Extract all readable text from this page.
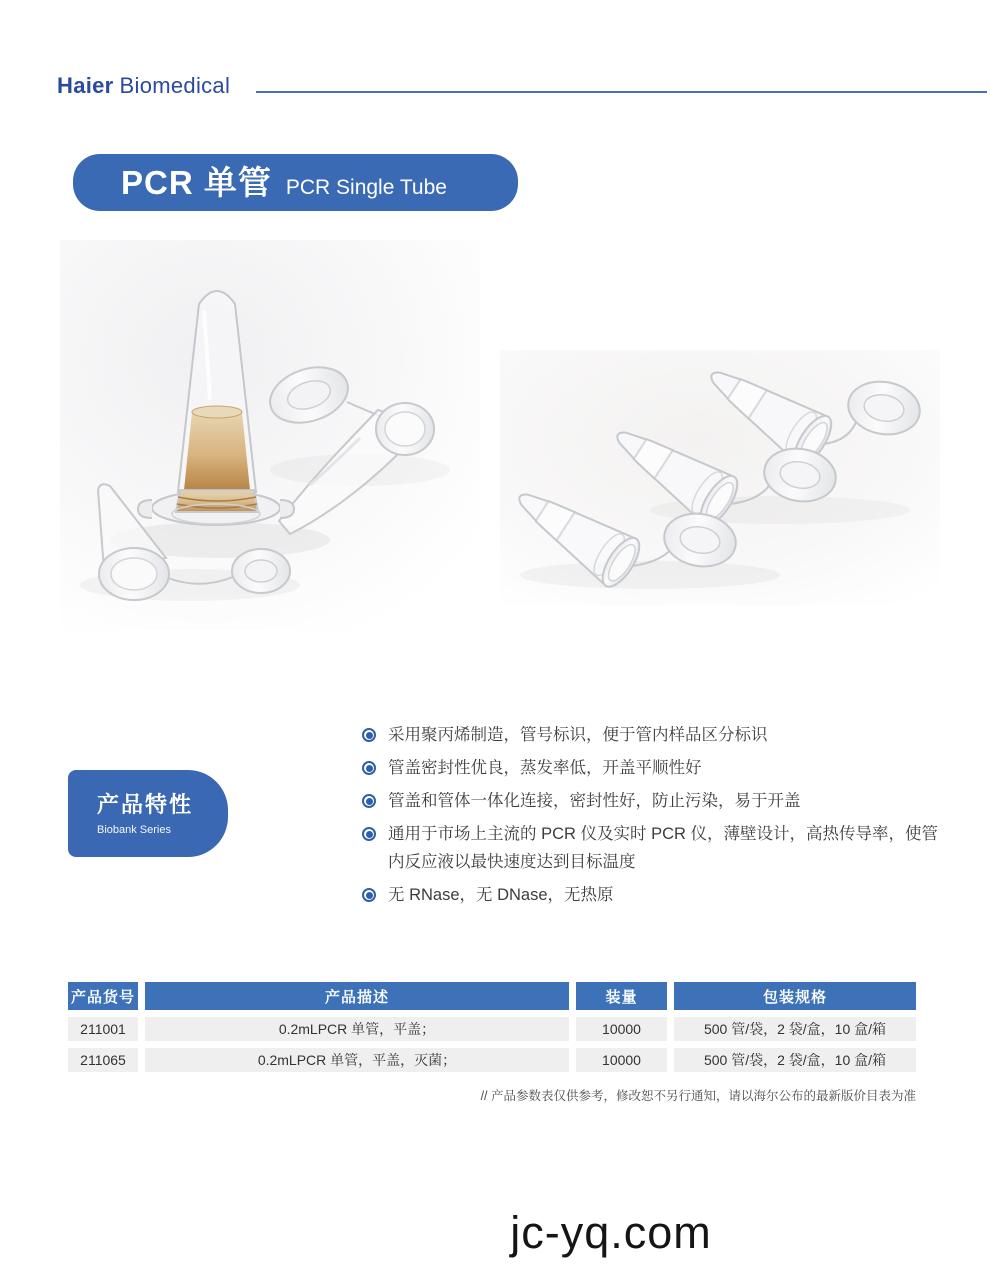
Haier Biomedical
PCR 单管 PCR Single Tube
产品特性
Biobank Series
采用聚丙烯制造，管号标识，便于管内样品区分标识
管盖密封性优良，蒸发率低，开盖平顺性好
管盖和管体一体化连接，密封性好，防止污染，易于开盖
通用于市场上主流的 PCR 仪及实时 PCR 仪，薄壁设计，高热传导率，使管内反应液以最快速度达到目标温度
无 RNase，无 DNase，无热原
产品货号	产品描述	装量	包装规格
211001	0.2mLPCR 单管，平盖；	10000	500 管/袋，2 袋/盒，10 盒/箱
211065	0.2mLPCR 单管，平盖，灭菌；	10000	500 管/袋，2 袋/盒，10 盒/箱
// 产品参数表仅供参考，修改恕不另行通知，请以海尔公布的最新版价目表为准
jc-yq.com
